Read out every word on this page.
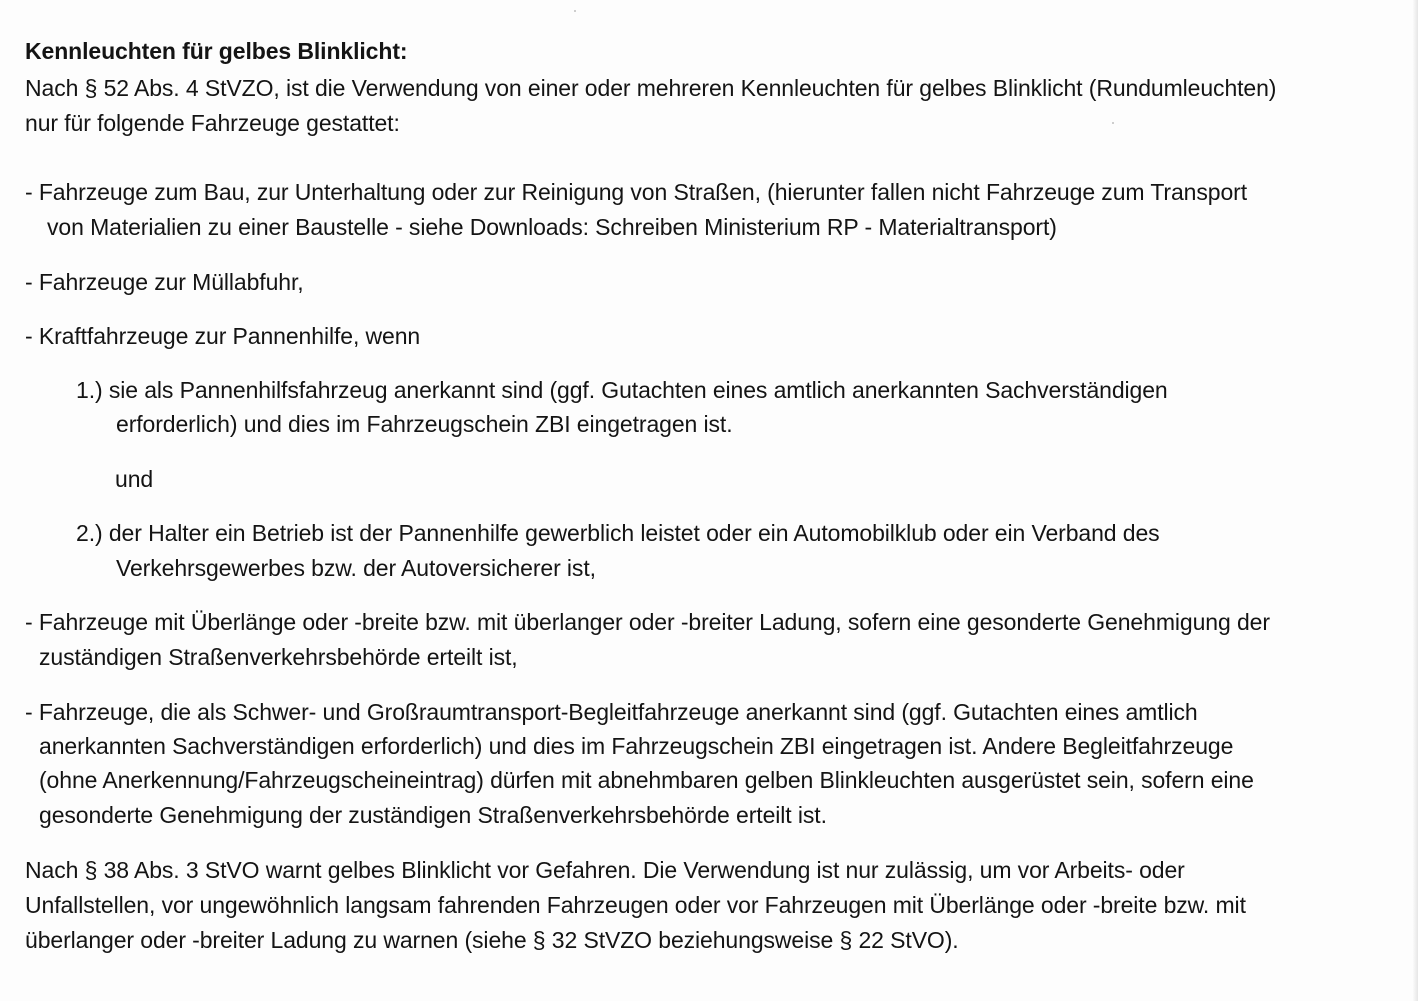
Kennleuchten für gelbes Blinklicht:
Nach § 52 Abs. 4 StVZO, ist die Verwendung von einer oder mehreren Kennleuchten für gelbes Blinklicht (Rundumleuchten)
nur für folgende Fahrzeuge gestattet:
- Fahrzeuge zum Bau, zur Unterhaltung oder zur Reinigung von Straßen, (hierunter fallen nicht Fahrzeuge zum Transport
von Materialien zu einer Baustelle - siehe Downloads: Schreiben Ministerium RP - Materialtransport)
- Fahrzeuge zur Müllabfuhr,
- Kraftfahrzeuge zur Pannenhilfe, wenn
1.) sie als Pannenhilfsfahrzeug anerkannt sind (ggf. Gutachten eines amtlich anerkannten Sachverständigen
erforderlich) und dies im Fahrzeugschein ZBI eingetragen ist.
und
2.) der Halter ein Betrieb ist der Pannenhilfe gewerblich leistet oder ein Automobilklub oder ein Verband des
Verkehrsgewerbes bzw. der Autoversicherer ist,
- Fahrzeuge mit Überlänge oder -breite bzw. mit überlanger oder -breiter Ladung, sofern eine gesonderte Genehmigung der
zuständigen Straßenverkehrsbehörde erteilt ist,
- Fahrzeuge, die als Schwer- und Großraumtransport-Begleitfahrzeuge anerkannt sind (ggf. Gutachten eines amtlich
anerkannten Sachverständigen erforderlich) und dies im Fahrzeugschein ZBI eingetragen ist. Andere Begleitfahrzeuge
(ohne Anerkennung/Fahrzeugscheineintrag) dürfen mit abnehmbaren gelben Blinkleuchten ausgerüstet sein, sofern eine
gesonderte Genehmigung der zuständigen Straßenverkehrsbehörde erteilt ist.
Nach § 38 Abs. 3 StVO warnt gelbes Blinklicht vor Gefahren. Die Verwendung ist nur zulässig, um vor Arbeits- oder
Unfallstellen, vor ungewöhnlich langsam fahrenden Fahrzeugen oder vor Fahrzeugen mit Überlänge oder -breite bzw. mit
überlanger oder -breiter Ladung zu warnen (siehe § 32 StVZO beziehungsweise § 22 StVO).
